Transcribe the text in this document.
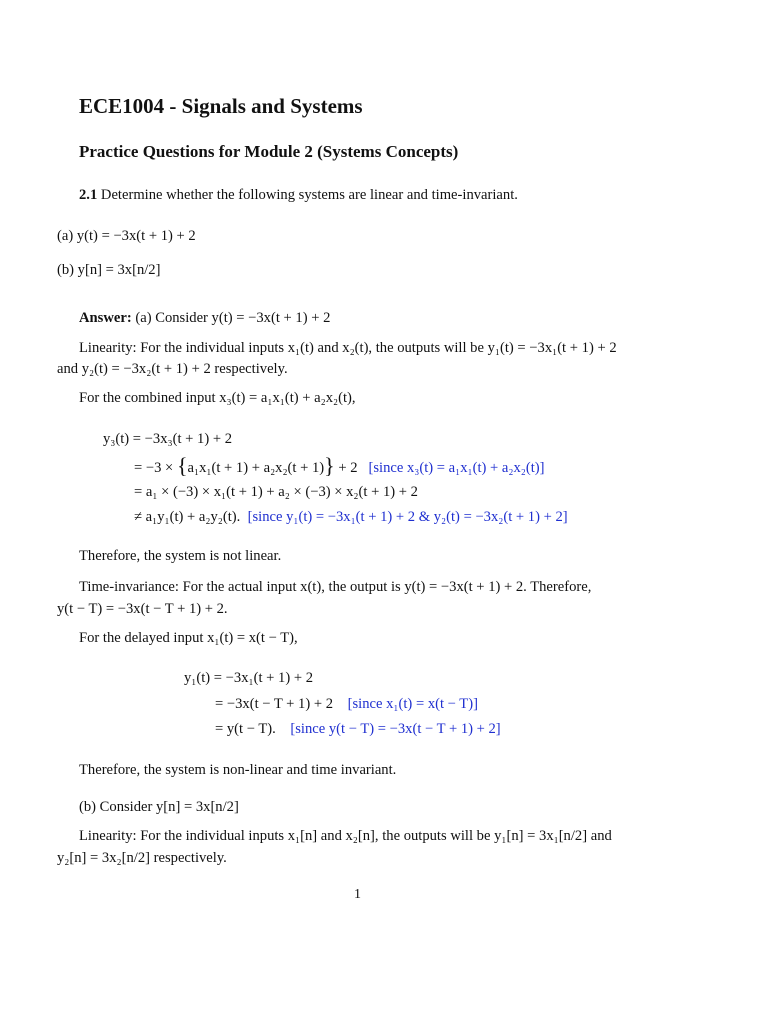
ECE1004 - Signals and Systems
Practice Questions for Module 2 (Systems Concepts)
2.1 Determine whether the following systems are linear and time-invariant.
(a) y(t) = −3x(t + 1) + 2
(b) y[n] = 3x[n/2]
Answer: (a) Consider y(t) = −3x(t + 1) + 2
Linearity: For the individual inputs x₁(t) and x₂(t), the outputs will be y₁(t) = −3x₁(t + 1) + 2
and y₂(t) = −3x₂(t + 1) + 2 respectively.
For the combined input x₃(t) = a₁x₁(t) + a₂x₂(t),
y₃(t) = −3x₃(t + 1) + 2
= −3 × {a₁x₁(t + 1) + a₂x₂(t + 1)} + 2 [since x₃(t) = a₁x₁(t) + a₂x₂(t)]
= a₁ × (−3) × x₁(t + 1) + a₂ × (−3) × x₂(t + 1) + 2
≠ a₁y₁(t) + a₂y₂(t). [since y₁(t) = −3x₁(t + 1) + 2 & y₂(t) = −3x₂(t + 1) + 2]
Therefore, the system is not linear.
Time-invariance: For the actual input x(t), the output is y(t) = −3x(t + 1) + 2. Therefore,
y(t − T) = −3x(t − T + 1) + 2.
For the delayed input x₁(t) = x(t − T),
y₁(t) = −3x₁(t + 1) + 2
= −3x(t − T + 1) + 2 [since x₁(t) = x(t − T)]
= y(t − T). [since y(t − T) = −3x(t − T + 1) + 2]
Therefore, the system is non-linear and time invariant.
(b) Consider y[n] = 3x[n/2]
Linearity: For the individual inputs x₁[n] and x₂[n], the outputs will be y₁[n] = 3x₁[n/2] and
y₂[n] = 3x₂[n/2] respectively.
1
